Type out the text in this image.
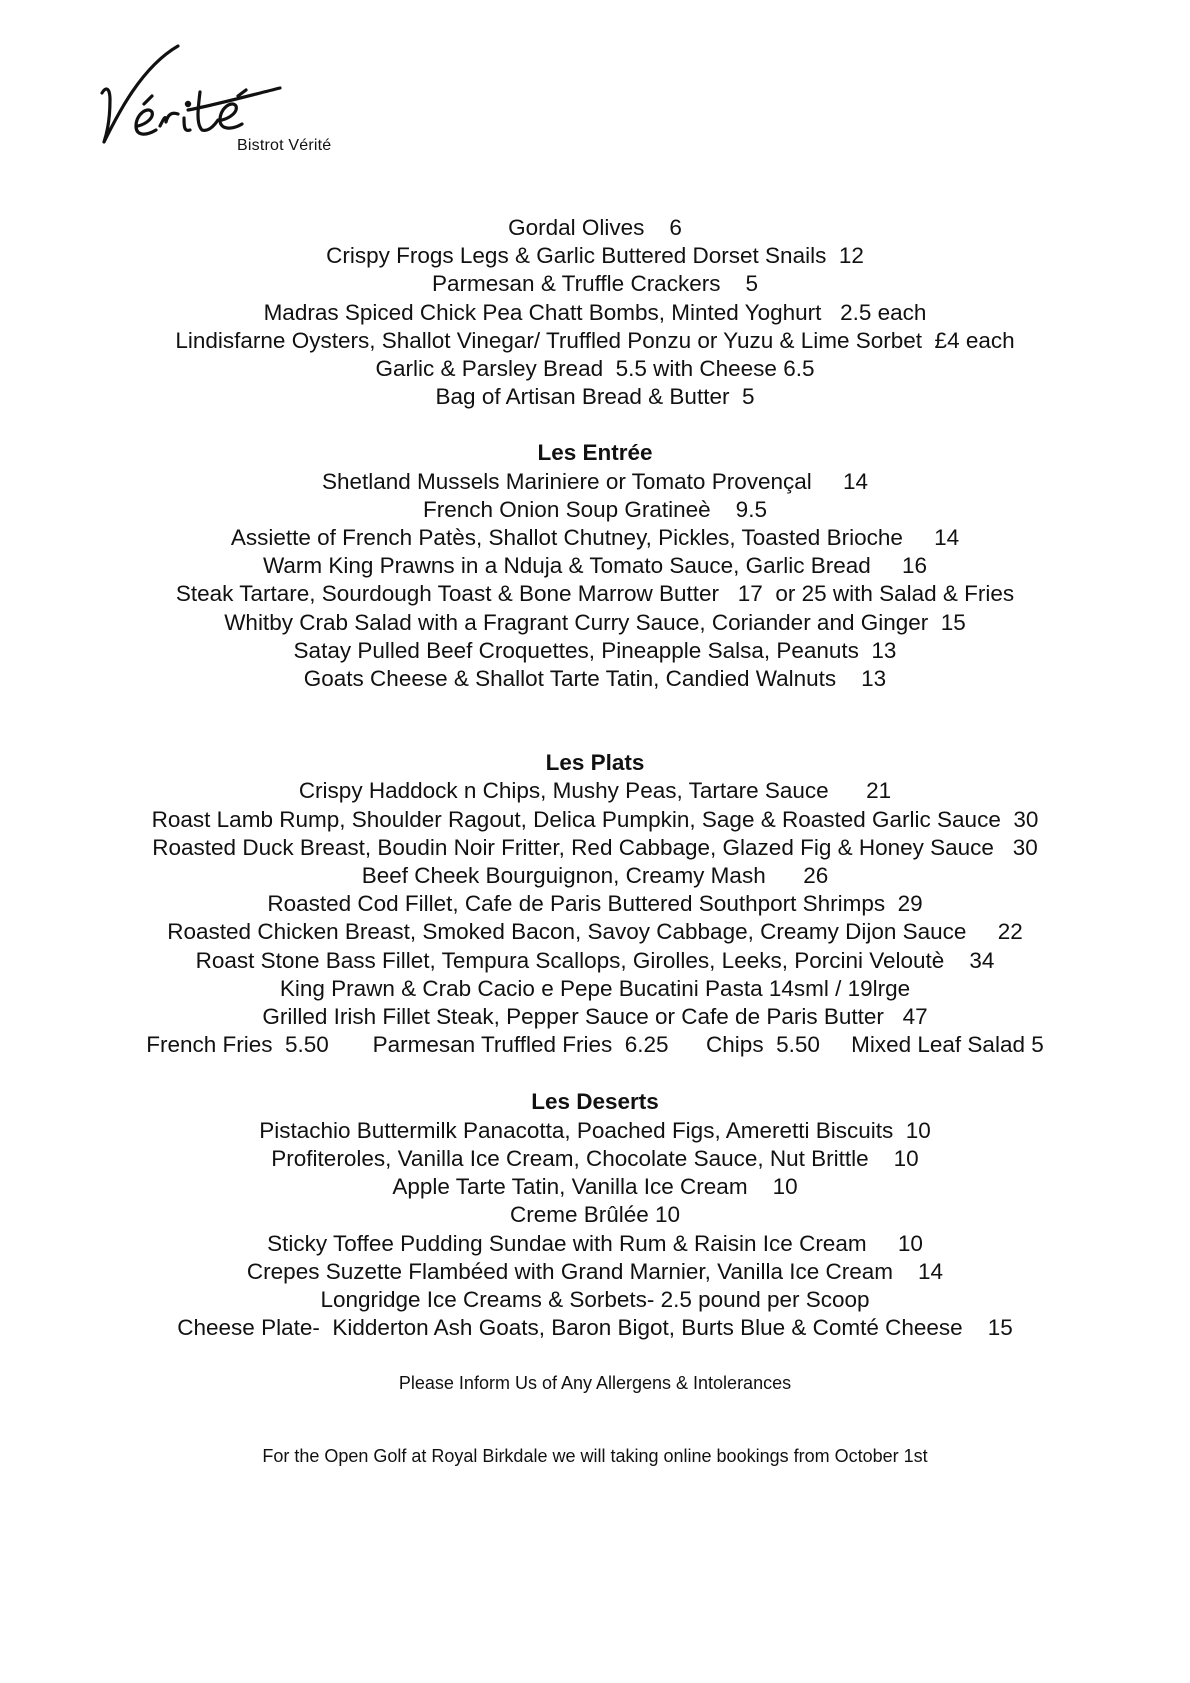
Bistrot Vérité
Gordal Olives    6
Crispy Frogs Legs & Garlic Buttered Dorset Snails  12
Parmesan & Truffle Crackers    5
Madras Spiced Chick Pea Chatt Bombs, Minted Yoghurt   2.5 each
Lindisfarne Oysters, Shallot Vinegar/ Truffled Ponzu or Yuzu & Lime Sorbet  £4 each
Garlic & Parsley Bread  5.5 with Cheese 6.5
Bag of Artisan Bread & Butter  5
Les Entrée
Shetland Mussels Mariniere or Tomato Provençal     14
French Onion Soup Gratineè    9.5
Assiette of French Patès, Shallot Chutney, Pickles, Toasted Brioche     14
Warm King Prawns in a Nduja & Tomato Sauce, Garlic Bread     16
Steak Tartare, Sourdough Toast & Bone Marrow Butter   17  or 25 with Salad & Fries
Whitby Crab Salad with a Fragrant Curry Sauce, Coriander and Ginger  15
Satay Pulled Beef Croquettes, Pineapple Salsa, Peanuts  13
Goats Cheese & Shallot Tarte Tatin, Candied Walnuts    13
Les Plats
Crispy Haddock n Chips, Mushy Peas, Tartare Sauce      21
Roast Lamb Rump, Shoulder Ragout, Delica Pumpkin, Sage & Roasted Garlic Sauce  30
Roasted Duck Breast, Boudin Noir Fritter, Red Cabbage, Glazed Fig & Honey Sauce   30
Beef Cheek Bourguignon, Creamy Mash      26
Roasted Cod Fillet, Cafe de Paris Buttered Southport Shrimps  29
Roasted Chicken Breast, Smoked Bacon, Savoy Cabbage, Creamy Dijon Sauce     22
Roast Stone Bass Fillet, Tempura Scallops, Girolles, Leeks, Porcini Veloutè    34
King Prawn & Crab Cacio e Pepe Bucatini Pasta 14sml / 19lrge
Grilled Irish Fillet Steak, Pepper Sauce or Cafe de Paris Butter   47
French Fries  5.50       Parmesan Truffled Fries  6.25      Chips  5.50     Mixed Leaf Salad 5
Les Deserts
Pistachio Buttermilk Panacotta, Poached Figs, Ameretti Biscuits  10
Profiteroles, Vanilla Ice Cream, Chocolate Sauce, Nut Brittle    10
Apple Tarte Tatin, Vanilla Ice Cream    10
Creme Brûlée 10
Sticky Toffee Pudding Sundae with Rum & Raisin Ice Cream     10
Crepes Suzette Flambéed with Grand Marnier, Vanilla Ice Cream    14
Longridge Ice Creams & Sorbets- 2.5 pound per Scoop
Cheese Plate-  Kidderton Ash Goats, Baron Bigot, Burts Blue & Comté Cheese    15
Please Inform Us of Any Allergens & Intolerances
For the Open Golf at Royal Birkdale we will taking online bookings from October 1st
